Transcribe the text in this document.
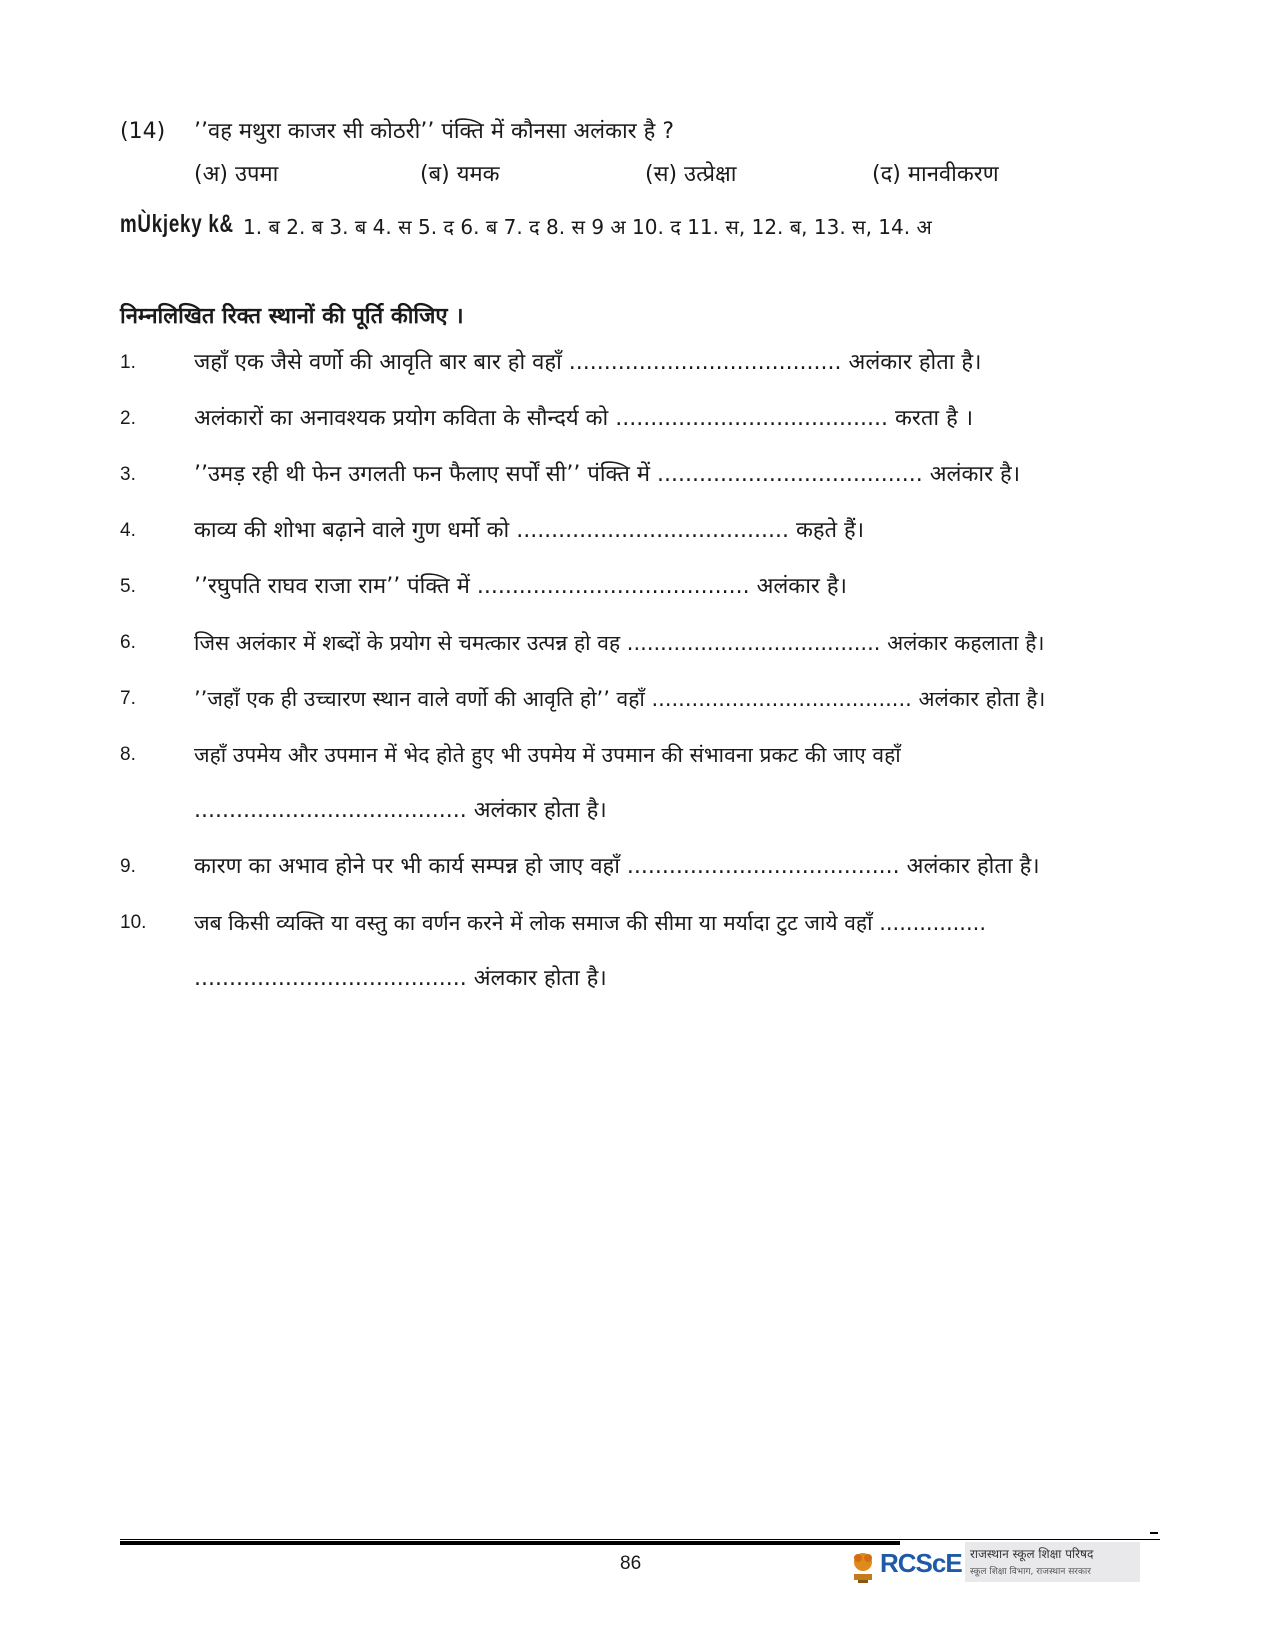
(14) ’’वह मथुरा काजर सी कोठरी’’ पंक्ति में कौनसा अलंकार है ?
(अ) उपमा	(ब) यमक	(स) उत्प्रेक्षा	(द) मानवीकरण
mÙkjeky k& 1. ब 2. ब 3. ब 4. स 5. द 6. ब 7. द 8. स 9 अ 10. द 11. स, 12. ब, 13. स, 14. अ
निम्नलिखित रिक्त स्थानों की पूर्ति कीजिए ।
1.	जहाँ एक जैसे वर्णो की आवृति बार बार हो वहाँ ....................................... अलंकार होता है।
2.	अलंकारों का अनावश्यक प्रयोग कविता के सौन्दर्य को ....................................... करता है ।
3.	’’उमड़ रही थी फेन उगलती फन फैलाए सर्पों सी’’ पंक्ति में ...................................... अलंकार है।
4.	काव्य की शोभा बढ़ाने वाले गुण धर्मो को ....................................... कहते हैं।
5.	’’रघुपति राघव राजा राम’’ पंक्ति में ....................................... अलंकार है।
6.	जिस अलंकार में शब्दों के प्रयोग से चमत्कार उत्पन्न हो वह ...................................... अलंकार कहलाता है।
7.	’’जहाँ एक ही उच्चारण स्थान वाले वर्णो की आवृति हो’’ वहाँ ....................................... अलंकार होता है।
8.	जहाँ उपमेय और उपमान में भेद होते हुए भी उपमेय में उपमान की संभावना प्रकट की जाए वहाँ
....................................... अलंकार होता है।
9.	कारण का अभाव होने पर भी कार्य सम्पन्न हो जाए वहाँ ....................................... अलंकार होता है।
10. जब किसी व्यक्ति या वस्तु का वर्णन करने में लोक समाज की सीमा या मर्यादा टुट जाये वहाँ ................
....................................... अंलकार होता है।
86	RCScE राजस्थान स्कूल शिक्षा परिषद
स्कूल शिक्षा विभाग, राजस्थान सरकार
